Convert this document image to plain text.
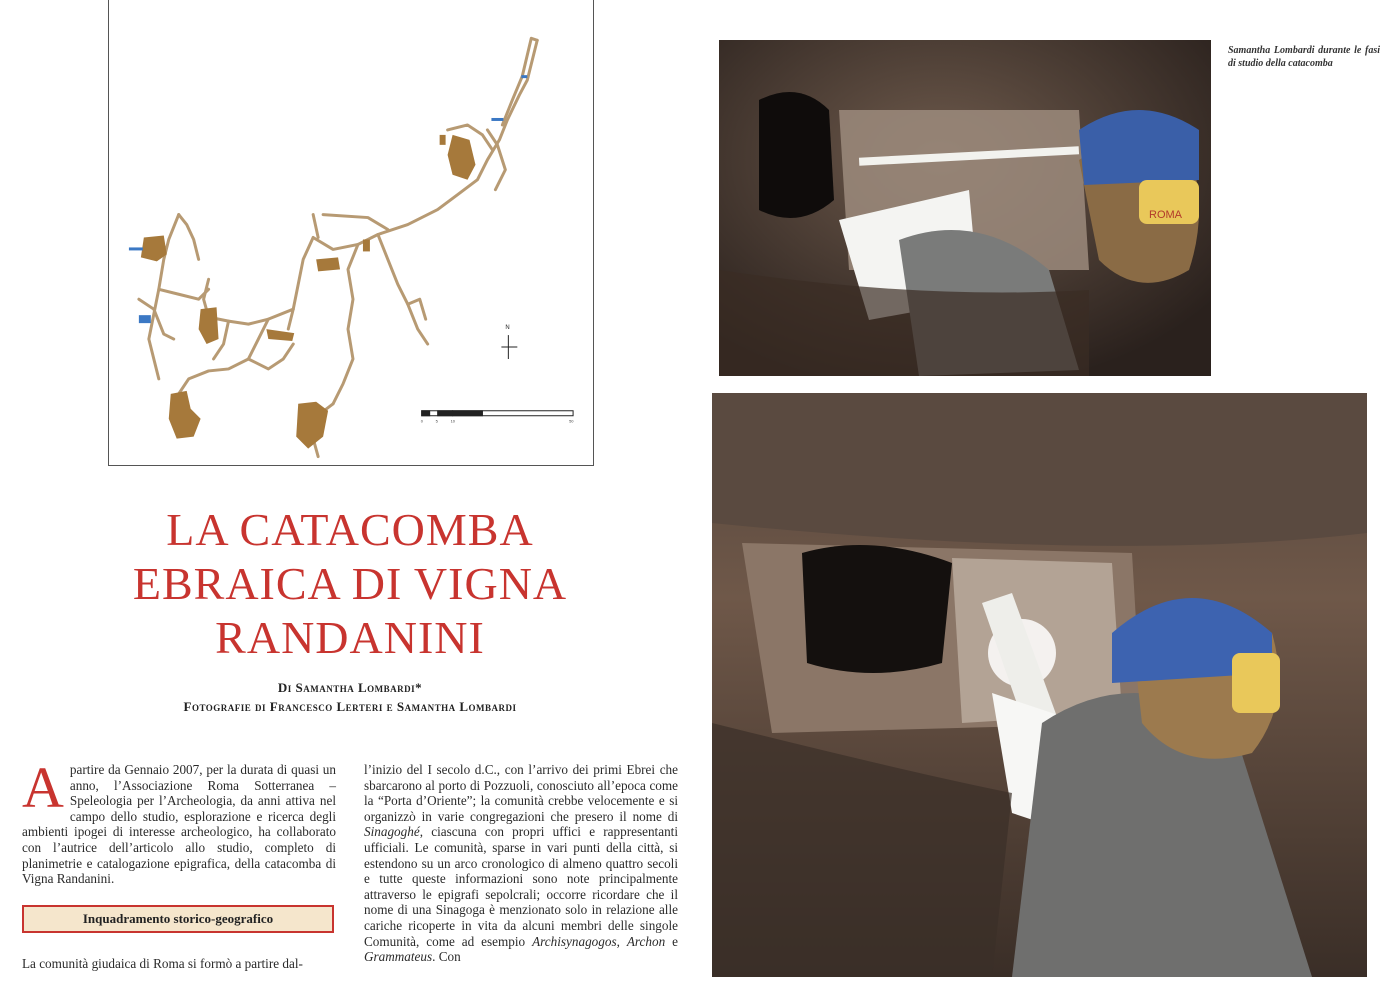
N
0	5	10	50
LA CATACOMBA
EBRAICA DI VIGNA
RANDANINI
Di Samantha Lombardi*
Fotografie di Francesco Lerteri e Samantha Lombardi
Apartire da Gennaio 2007, per la durata di quasi un anno, l’Associazione Roma Sotterranea – Speleologia per l’Archeologia, da anni attiva nel campo dello studio, esplorazione e ricerca degli ambienti ipogei di interesse archeologico, ha collaborato con l’autrice dell’articolo allo studio, completo di planimetrie e catalogazione epigrafica, della catacomba di Vigna Randanini.
Inquadramento storico-geografico
La comunità giudaica di Roma si formò a partire dal-
l’inizio del I secolo d.C., con l’arrivo dei primi Ebrei che sbarcarono al porto di Pozzuoli, conosciuto all’epoca come la “Porta d’Oriente”; la comunità crebbe velocemente e si organizzò in varie congregazioni che presero il nome di Sinagoghé, ciascuna con propri uffici e rappresentanti ufficiali. Le comunità, sparse in vari punti della città, si estendono su un arco cronologico di almeno quattro secoli e tutte queste informazioni sono note principalmente attraverso le epigrafi sepolcrali; occorre ricordare che il nome di una Sinagoga è menzionato solo in relazione alle cariche ricoperte in vita da alcuni membri delle singole Comunità, come ad esempio Archisynagogos, Archon e Grammateus. Con
ROMA
Samantha Lombardi durante le fasi di studio della catacomba
